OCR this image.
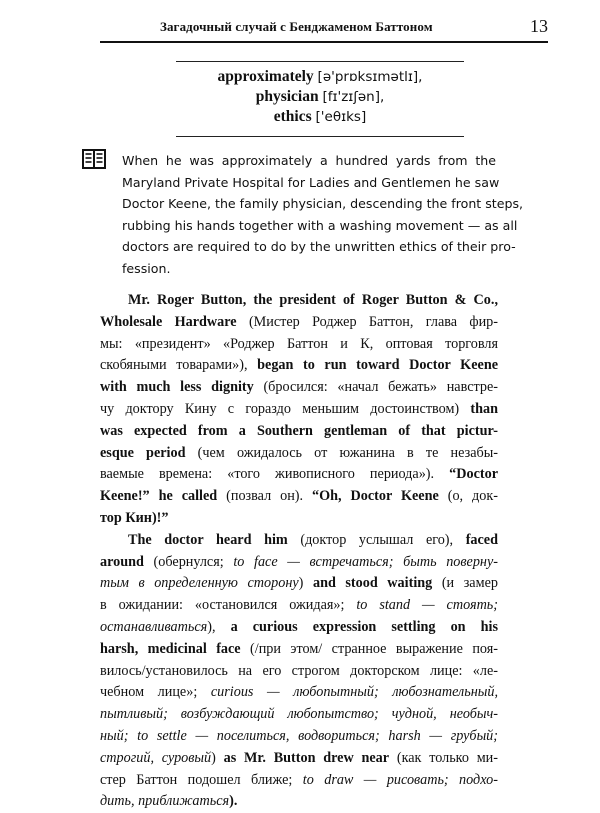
Загадочный случай с Бенджаменом Баттоном	13
approximately [ə'prɒksɪmətlɪ],
physician [fɪ'zɪʃən],
ethics ['eθɪks]
When he was approximately a hundred yards from the
Maryland Private Hospital for Ladies and Gentlemen he saw
Doctor Keene, the family physician, descending the front steps,
rubbing his hands together with a washing movement — as all
doctors are required to do by the unwritten ethics of their pro-
fession.
Mr. Roger Button, the president of Roger Button & Co.,
Wholesale Hardware (Мистер Роджер Баттон, глава фир-
мы: «президент» «Роджер Баттон и К, оптовая торговля
скобяными товарами»), began to run toward Doctor Keene
with much less dignity (бросился: «начал бежать» навстре-
чу доктору Кину с гораздо меньшим достоинством) than
was expected from a Southern gentleman of that pictur-
esque period (чем ожидалось от южанина в те незабы-
ваемые времена: «того живописного периода»). “Doctor
Keene!” he called (позвал он). “Oh, Doctor Keene (о, док-
тор Кин)!”
The doctor heard him (доктор услышал его), faced
around (обернулся; to face — встречаться; быть поверну-
тым в определенную сторону) and stood waiting (и замер
в ожидании: «остановился ожидая»; to stand — стоять;
останавливаться), a curious expression settling on his
harsh, medicinal face (/при этом/ странное выражение поя-
вилось/установилось на его строгом докторском лице: «ле-
чебном лице»; curious — любопытный; любознательный,
пытливый; возбуждающий любопытство; чудной, необыч-
ный; to settle — поселиться, водвориться; harsh — грубый;
строгий, суровый) as Mr. Button drew near (как только ми-
стер Баттон подошел ближе; to draw — рисовать; подхо-
дить, приближаться).
